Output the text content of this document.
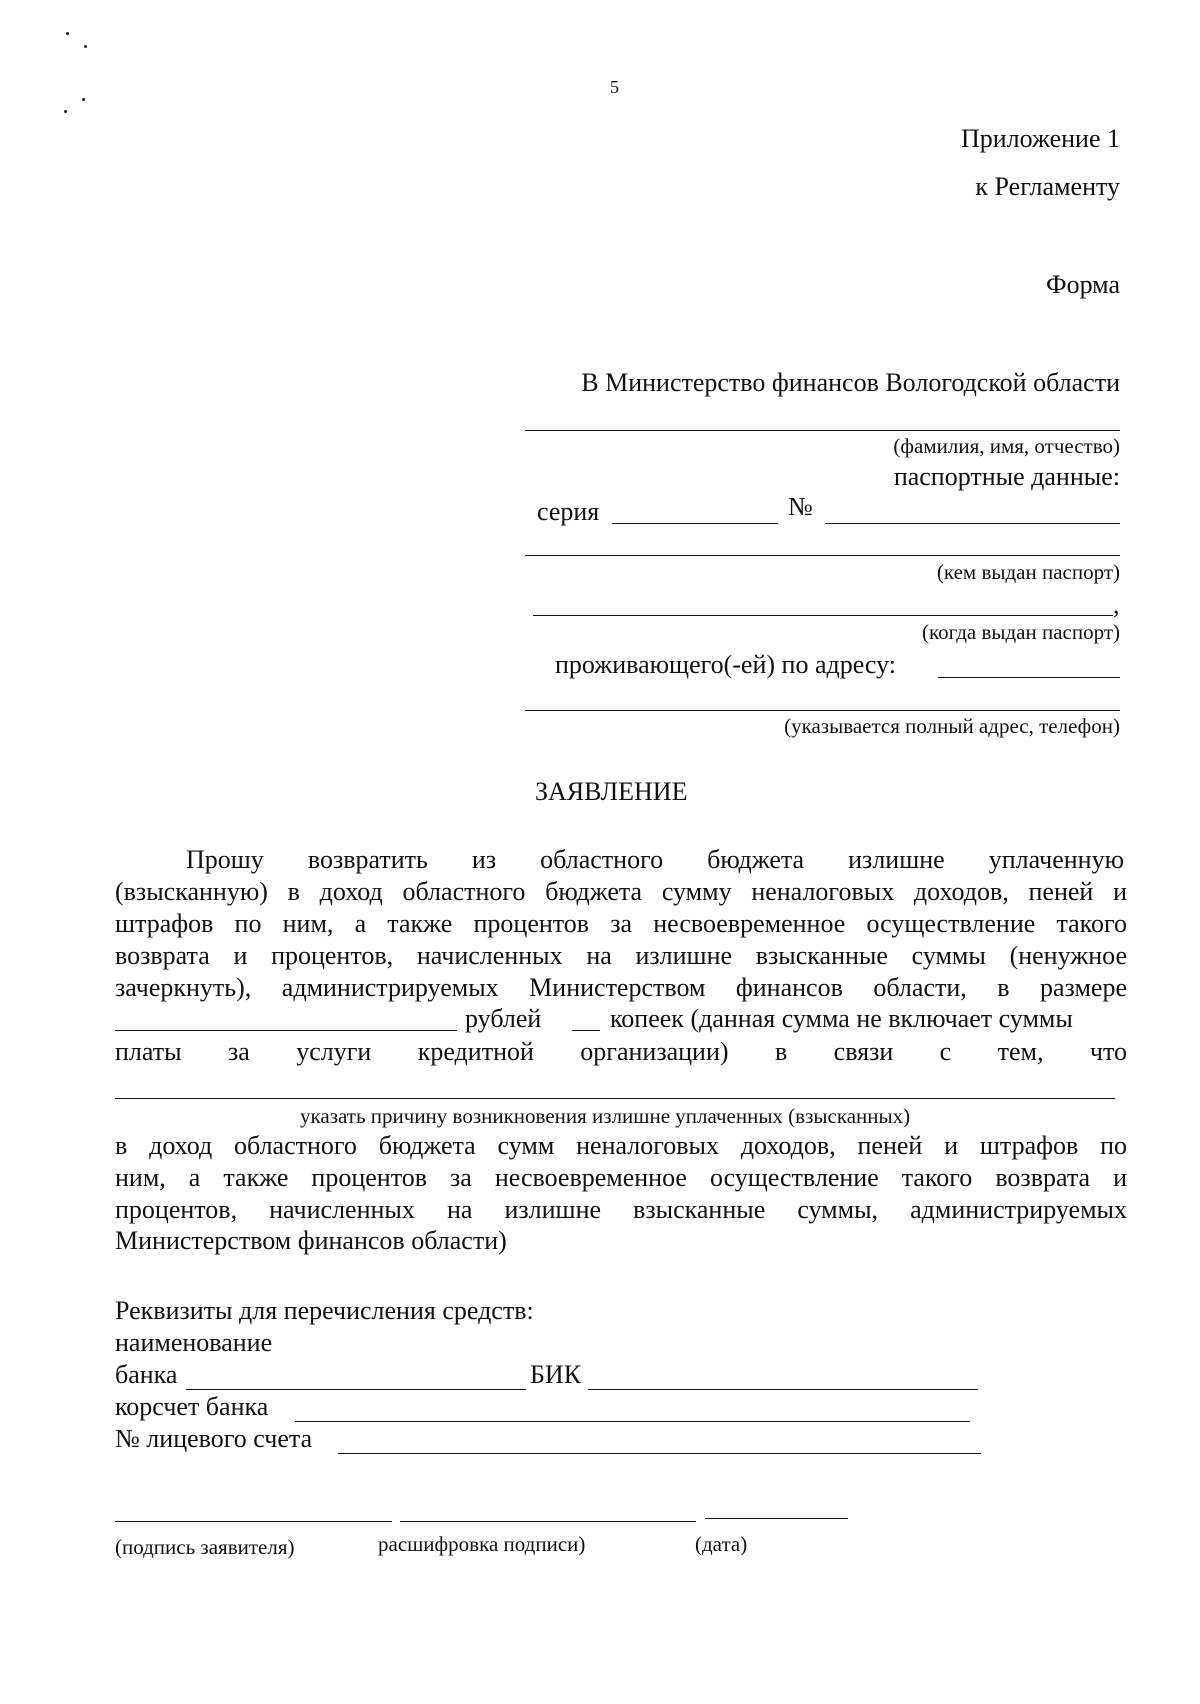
5
Приложение 1
к Регламенту
Форма
В Министерство финансов Вологодской области
(фамилия, имя, отчество)
паспортные данные:
серия	№
(кем выдан паспорт)
,
(когда выдан паспорт)
проживающего(-ей) по адресу:
(указывается полный адрес, телефон)
ЗАЯВЛЕНИЕ
Прошу возвратить из областного бюджета излишне уплаченную
(взысканную) в доход областного бюджета сумму неналоговых доходов, пеней и
штрафов по ним, а также процентов за несвоевременное осуществление такого
возврата и процентов, начисленных на излишне взысканные суммы (ненужное
зачеркнуть), администрируемых Министерством финансов области, в размере
рублей	копеек (данная сумма не включает суммы
платы за услуги кредитной организации) в связи с тем, что
указать причину возникновения излишне уплаченных (взысканных)
в доход областного бюджета сумм неналоговых доходов, пеней и штрафов по
ним, а также процентов за несвоевременное осуществление такого возврата и
процентов, начисленных на излишне взысканные суммы, администрируемых
Министерством финансов области)
Реквизиты для перечисления средств:
наименование
банка	БИК
корсчет банка
№ лицевого счета
(подпись заявителя)	расшифровка подписи)	(дата)
